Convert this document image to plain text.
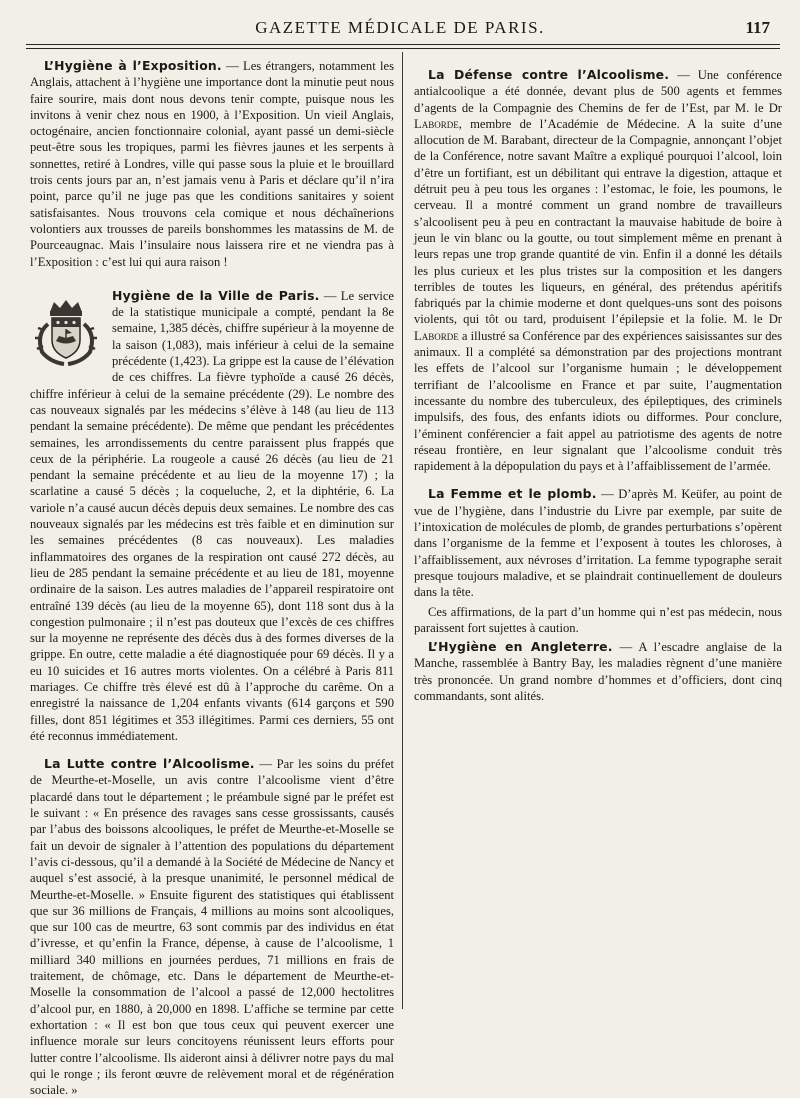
GAZETTE MÉDICALE DE PARIS.	117

L’Hygiène à l’Exposition. — Les étrangers, notamment les Anglais, attachent à l’hygiène une importance dont la minutie peut nous faire sourire, mais dont nous devons tenir compte, puisque nous les invitons à venir chez nous en 1900, à l’Exposition. Un vieil Anglais, octogénaire, ancien fonctionnaire colonial, ayant passé un demi-siècle peut-être sous les tropiques, parmi les fièvres jaunes et les serpents à sonnettes, retiré à Londres, ville qui passe sous la pluie et le brouillard trois cents jours par an, n’est jamais venu à Paris et déclare qu’il n’ira point, parce qu’il ne juge pas que les conditions sanitaires y soient satisfaisantes. Nous trouvons cela comique et nous déchaînerions volontiers aux trousses de pareils bonshommes les matassins de M. de Pourceaugnac. Mais l’insulaire nous laissera rire et ne viendra pas à l’Exposition : c’est lui qui aura raison !

Hygiène de la Ville de Paris. — Le service de la statistique municipale a compté, pendant la 8e semaine, 1,385 décès, chiffre supérieur à la moyenne de la saison (1,083), mais inférieur à celui de la semaine précédente (1,423). La grippe est la cause de l’élévation de ces chiffres. La fièvre typhoïde a causé 26 décès, chiffre inférieur à celui de la semaine précédente (29). Le nombre des cas nouveaux signalés par les médecins s’élève à 148 (au lieu de 113 pendant la semaine précédente). De même que pendant les précédentes semaines, les arrondissements du centre paraissent plus frappés que ceux de la périphérie. La rougeole a causé 26 décès (au lieu de 21 pendant la semaine précédente et au lieu de la moyenne 17) ; la scarlatine a causé 5 décès ; la coqueluche, 2, et la diphtérie, 6. La variole n’a causé aucun décès depuis deux semaines. Le nombre des cas nouveaux signalés par les médecins est très faible et en diminution sur les semaines précédentes (8 cas nouveaux). Les maladies inflammatoires des organes de la respiration ont causé 272 décès, au lieu de 285 pendant la semaine précédente et au lieu de 181, moyenne ordinaire de la saison. Les autres maladies de l’appareil respiratoire ont entraîné 139 décès (au lieu de la moyenne 65), dont 118 sont dus à la congestion pulmonaire ; il n’est pas douteux que l’excès de ces chiffres sur la moyenne ne représente des décès dus à des formes diverses de la grippe. En outre, cette maladie a été diagnostiquée pour 69 décès. Il y a eu 10 suicides et 16 autres morts violentes. On a célébré à Paris 811 mariages. Ce chiffre très élevé est dû à l’approche du carême. On a enregistré la naissance de 1,204 enfants vivants (614 garçons et 590 filles, dont 851 légitimes et 353 illégitimes. Parmi ces derniers, 55 ont été reconnus immédiatement.

La Lutte contre l’Alcoolisme. — Par les soins du préfet de Meurthe-et-Moselle, un avis contre l’alcoolisme vient d’être placardé dans tout le département ; le préambule signé par le préfet est le suivant : « En présence des ravages sans cesse grossissants, causés par l’abus des boissons alcooliques, le préfet de Meurthe-et-Moselle se fait un devoir de signaler à l’attention des populations du département l’avis ci-dessous, qu’il a demandé à la Société de Médecine de Nancy et auquel s’est associé, à la presque unanimité, le personnel médical de Meurthe-et-Moselle. » Ensuite figurent des statistiques qui établissent que sur 36 millions de Français, 4 millions au moins sont alcooliques, que sur 100 cas de meurtre, 63 sont commis par des individus en état d’ivresse, et qu’enfin la France, dépense, à cause de l’alcoolisme, 1 milliard 340 millions en journées perdues, 71 millions en frais de traitement, de chômage, etc. Dans le département de Meurthe-et-Moselle la consommation de l’alcool a passé de 12,000 hectolitres d’alcool pur, en 1880, à 20,000 en 1898. L’affiche se termine par cette exhortation : « Il est bon que tous ceux qui peuvent exercer une influence morale sur leurs concitoyens réunissent leurs efforts pour lutter contre l’alcoolisme. Ils aideront ainsi à délivrer notre pays du mal qui le ronge ; ils feront œuvre de relèvement moral et de régénération sociale. »

La Défense contre l’Alcoolisme. — Une conférence antialcoolique a été donnée, devant plus de 500 agents et femmes d’agents de la Compagnie des Chemins de fer de l’Est, par M. le Dr Laborde, membre de l’Académie de Médecine. A la suite d’une allocution de M. Barabant, directeur de la Compagnie, annonçant l’objet de la Conférence, notre savant Maître a expliqué pourquoi l’alcool, loin d’être un fortifiant, est un débilitant qui entrave la digestion, attaque et détruit peu à peu tous les organes : l’estomac, le foie, les poumons, le cerveau. Il a montré comment un grand nombre de travailleurs s’alcoolisent peu à peu en contractant la mauvaise habitude de boire à jeun le vin blanc ou la goutte, ou tout simplement même en prenant à leurs repas une trop grande quantité de vin. Enfin il a donné les détails les plus curieux et les plus tristes sur la composition et les dangers terribles de toutes les liqueurs, en général, des prétendus apéritifs fabriqués par la chimie moderne et dont quelques-uns sont des poisons violents, qui tôt ou tard, produisent l’épilepsie et la folie. M. le Dr Laborde a illustré sa Conférence par des expériences saisissantes sur des animaux. Il a complété sa démonstration par des projections montrant les effets de l’alcool sur l’organisme humain ; le développement terrifiant de l’alcoolisme en France et par suite, l’augmentation incessante du nombre des tuberculeux, des épileptiques, des criminels impulsifs, des fous, des enfants idiots ou difformes. Pour conclure, l’éminent conférencier a fait appel au patriotisme des agents de notre réseau frontière, en leur signalant que l’alcoolisme conduit très rapidement à la dépopulation du pays et à l’affaiblissement de l’armée.

La Femme et le plomb. — D’après M. Keüfer, au point de vue de l’hygiène, dans l’industrie du Livre par exemple, par suite de l’intoxication de molécules de plomb, de grandes perturbations s’opèrent dans l’organisme de la femme et l’exposent à toutes les chloroses, à l’affaiblissement, aux névroses d’irritation. La femme typographe serait presque toujours maladive, et se plaindrait continuellement de douleurs dans la tête.

Ces affirmations, de la part d’un homme qui n’est pas médecin, nous paraissent fort sujettes à caution.

L’Hygiène en Angleterre. — A l’escadre anglaise de la Manche, rassemblée à Bantry Bay, les maladies règnent d’une manière très prononcée. Un grand nombre d’hommes et d’officiers, dont cinq commandants, sont alités.
